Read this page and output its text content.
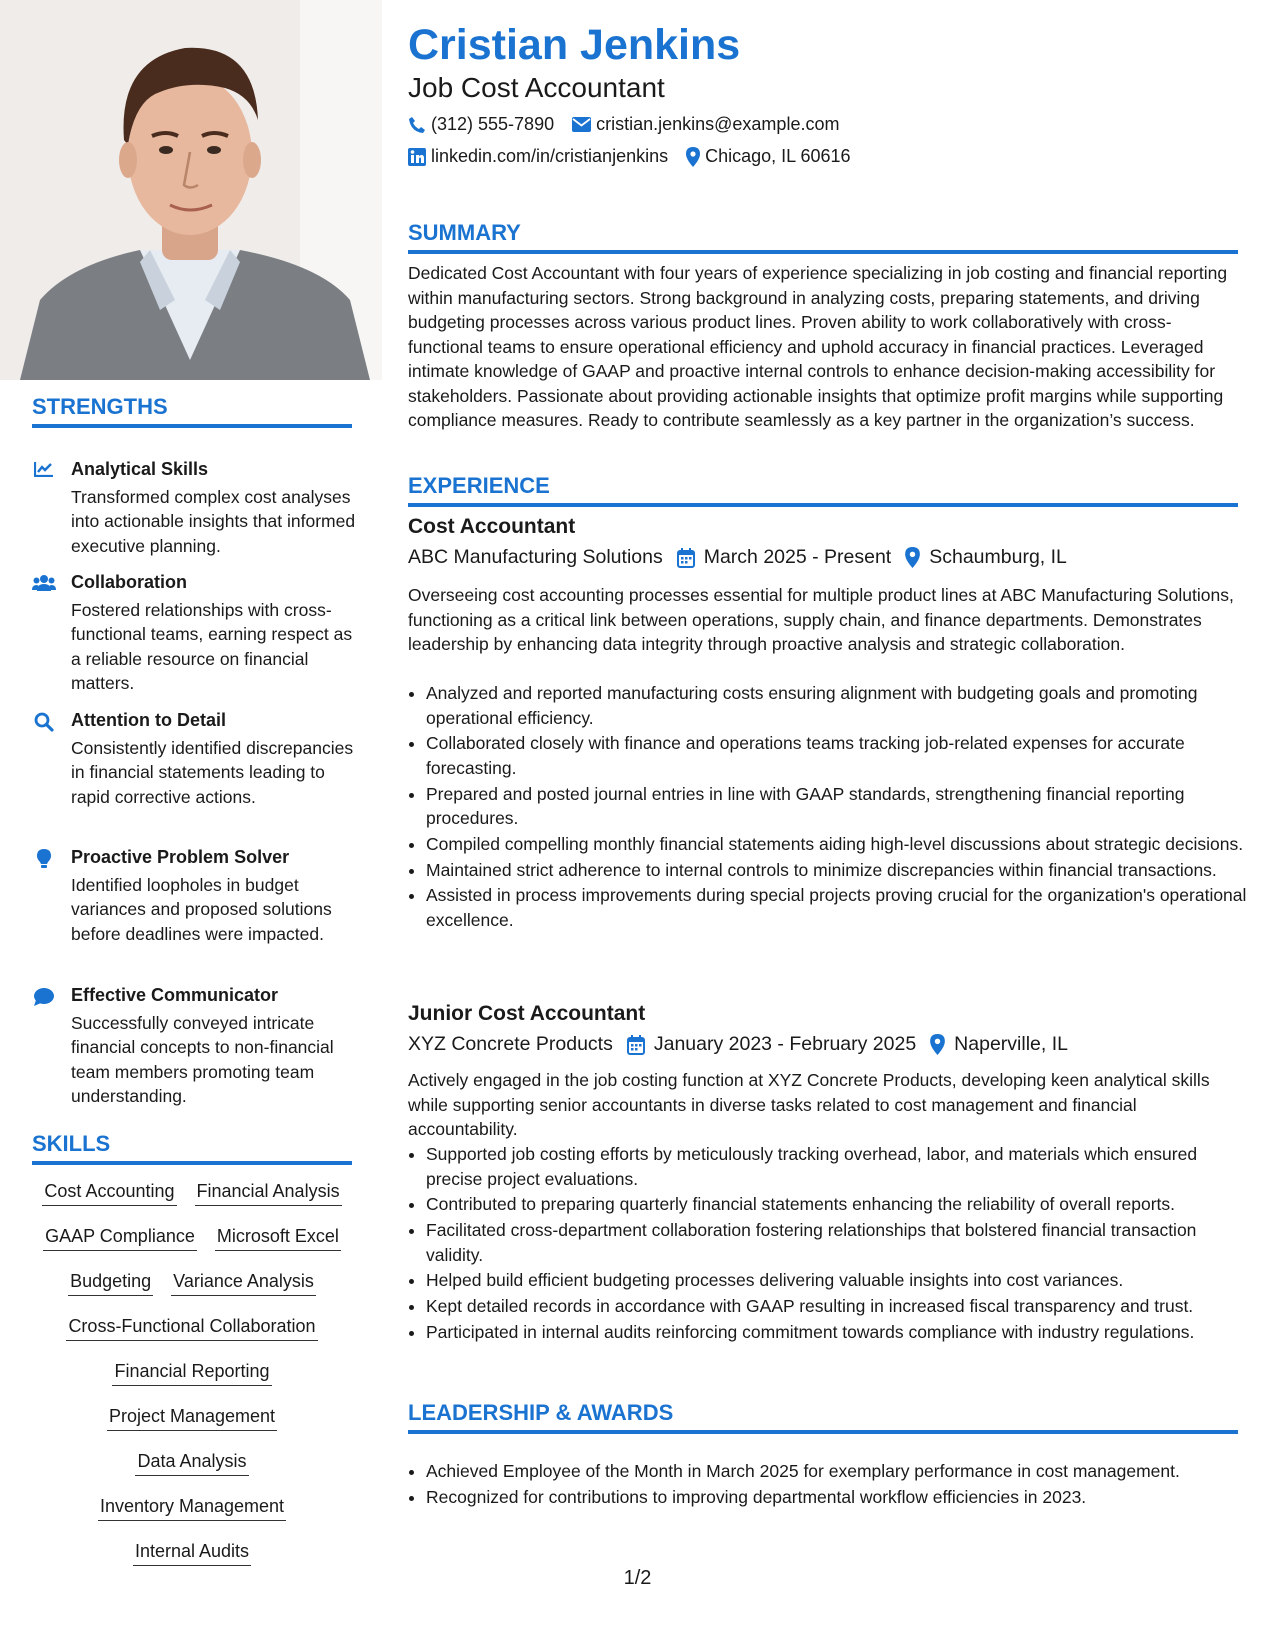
STRENGTHS
Analytical Skills
Transformed complex cost analyses into actionable insights that informed executive planning.
Collaboration
Fostered relationships with cross-functional teams, earning respect as a reliable resource on financial matters.
Attention to Detail
Consistently identified discrepancies in financial statements leading to rapid corrective actions.
Proactive Problem Solver
Identified loopholes in budget variances and proposed solutions before deadlines were impacted.
Effective Communicator
Successfully conveyed intricate financial concepts to non-financial team members promoting team understanding.
SKILLS
Cost Accounting Financial Analysis
GAAP Compliance Microsoft Excel
Budgeting Variance Analysis
Cross-Functional Collaboration
Financial Reporting
Project Management
Data Analysis
Inventory Management
Internal Audits
Cristian Jenkins
Job Cost Accountant
(312) 555-7890 cristian.jenkins@example.com
linkedin.com/in/cristianjenkins Chicago, IL 60616
SUMMARY
Dedicated Cost Accountant with four years of experience specializing in job costing and financial reporting within manufacturing sectors. Strong background in analyzing costs, preparing statements, and driving budgeting processes across various product lines. Proven ability to work collaboratively with cross-functional teams to ensure operational efficiency and uphold accuracy in financial practices. Leveraged intimate knowledge of GAAP and proactive internal controls to enhance decision-making accessibility for stakeholders. Passionate about providing actionable insights that optimize profit margins while supporting compliance measures. Ready to contribute seamlessly as a key partner in the organization’s success.
EXPERIENCE
Cost Accountant
ABC Manufacturing Solutions March 2025 - Present Schaumburg, IL
Overseeing cost accounting processes essential for multiple product lines at ABC Manufacturing Solutions, functioning as a critical link between operations, supply chain, and finance departments. Demonstrates leadership by enhancing data integrity through proactive analysis and strategic collaboration.
• Analyzed and reported manufacturing costs ensuring alignment with budgeting goals and promoting operational efficiency.
• Collaborated closely with finance and operations teams tracking job-related expenses for accurate forecasting.
• Prepared and posted journal entries in line with GAAP standards, strengthening financial reporting procedures.
• Compiled compelling monthly financial statements aiding high-level discussions about strategic decisions.
• Maintained strict adherence to internal controls to minimize discrepancies within financial transactions.
• Assisted in process improvements during special projects proving crucial for the organization's operational excellence.
Junior Cost Accountant
XYZ Concrete Products January 2023 - February 2025 Naperville, IL
Actively engaged in the job costing function at XYZ Concrete Products, developing keen analytical skills while supporting senior accountants in diverse tasks related to cost management and financial accountability.
• Supported job costing efforts by meticulously tracking overhead, labor, and materials which ensured precise project evaluations.
• Contributed to preparing quarterly financial statements enhancing the reliability of overall reports.
• Facilitated cross-department collaboration fostering relationships that bolstered financial transaction validity.
• Helped build efficient budgeting processes delivering valuable insights into cost variances.
• Kept detailed records in accordance with GAAP resulting in increased fiscal transparency and trust.
• Participated in internal audits reinforcing commitment towards compliance with industry regulations.
LEADERSHIP & AWARDS
• Achieved Employee of the Month in March 2025 for exemplary performance in cost management.
• Recognized for contributions to improving departmental workflow efficiencies in 2023.
1/2
